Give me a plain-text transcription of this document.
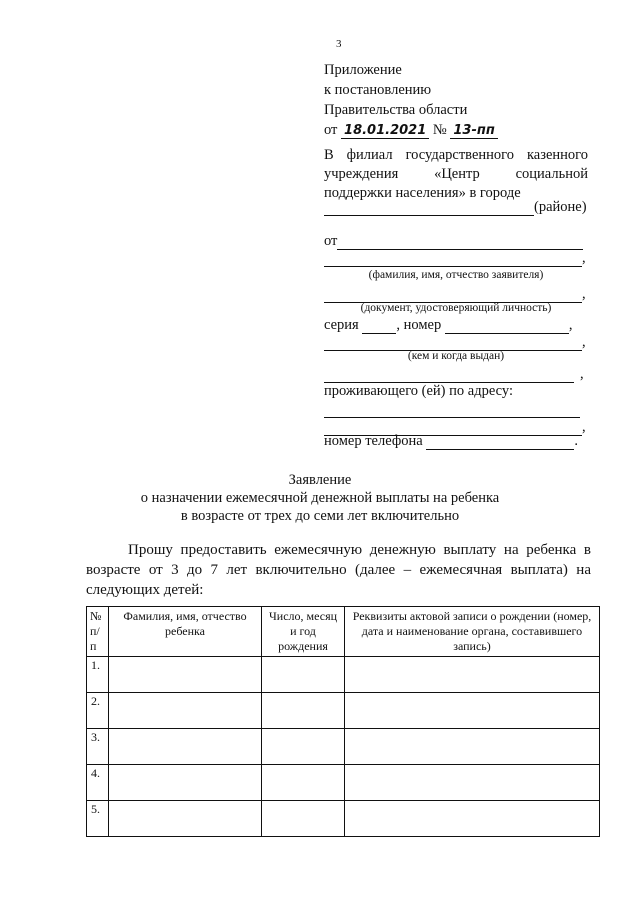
3
Приложение
к постановлению
Правительства области
от 18.01.2021 № 13-пп
В филиал государственного казенного учреждения «Центр социальной поддержки населения» в городе
(районе)
от
,
(фамилия, имя, отчество заявителя)
,
(документ, удостоверяющий личность)
серия	, номер	,
,
(кем и когда выдан)
,
проживающего (ей) по адресу:
,
номер телефона	.
Заявление
о назначении ежемесячной денежной выплаты на ребенка
в возрасте от трех до семи лет включительно
Прошу предоставить ежемесячную денежную выплату на ребенка в возрасте от 3 до 7 лет включительно (далее – ежемесячная выплата) на следующих детей:
№ п/п	Фамилия, имя, отчество ребенка	Число, месяц и год рождения	Реквизиты актовой записи о рождении (номер, дата и наименование органа, составившего запись)
1.			
2.			
3.			
4.			
5.			
